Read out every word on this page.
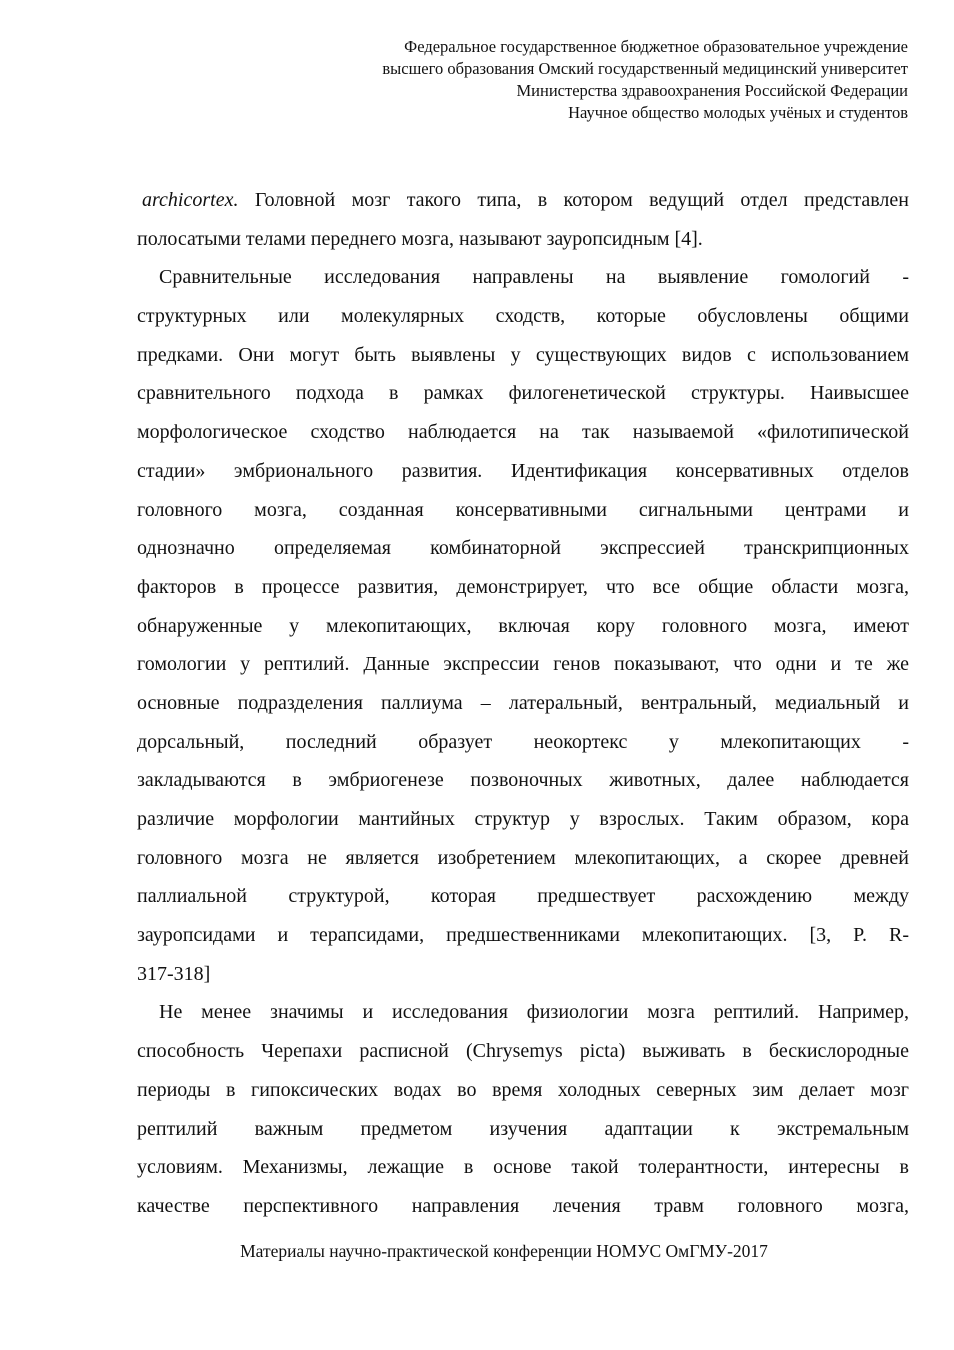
Федеральное государственное бюджетное образовательное учреждение
высшего образования Омский государственный медицинский университет
Министерства здравоохранения Российской Федерации
Научное общество молодых учёных и студентов
archicortex. Головной мозг такого типа, в котором ведущий отдел представлен
полосатыми телами переднего мозга, называют зауропсидным [4].
Сравнительные исследования направлены на выявление гомологий -
структурных или молекулярных сходств, которые обусловлены общими
предками. Они могут быть выявлены у существующих видов с использованием
сравнительного подхода в рамках филогенетической структуры. Наивысшее
морфологическое сходство наблюдается на так называемой «филотипической
стадии» эмбрионального развития. Идентификация консервативных отделов
головного мозга, созданная консервативными сигнальными центрами и
однозначно определяемая комбинаторной экспрессией транскрипционных
факторов в процессе развития, демонстрирует, что все общие области мозга,
обнаруженные у млекопитающих, включая кору головного мозга, имеют
гомологии у рептилий. Данные экспрессии генов показывают, что одни и те же
основные подразделения паллиума – латеральный, вентральный, медиальный и
дорсальный, последний образует неокортекс у млекопитающих -
закладываются в эмбриогенезе позвоночных животных, далее наблюдается
различие морфологии мантийных структур у взрослых. Таким образом, кора
головного мозга не является изобретением млекопитающих, а скорее древней
паллиальной структурой, которая предшествует расхождению между
зауропсидами и терапсидами, предшественниками млекопитающих. [3, P. R-
317-318]
Не менее значимы и исследования физиологии мозга рептилий. Например,
способность Черепахи расписной (Chrysemys picta) выживать в бескислородные
периоды в гипоксических водах во время холодных северных зим делает мозг
рептилий важным предметом изучения адаптации к экстремальным
условиям. Механизмы, лежащие в основе такой толерантности, интересны в
качестве перспективного направления лечения травм головного мозга,
Материалы научно-практической конференции НОМУС ОмГМУ-2017
